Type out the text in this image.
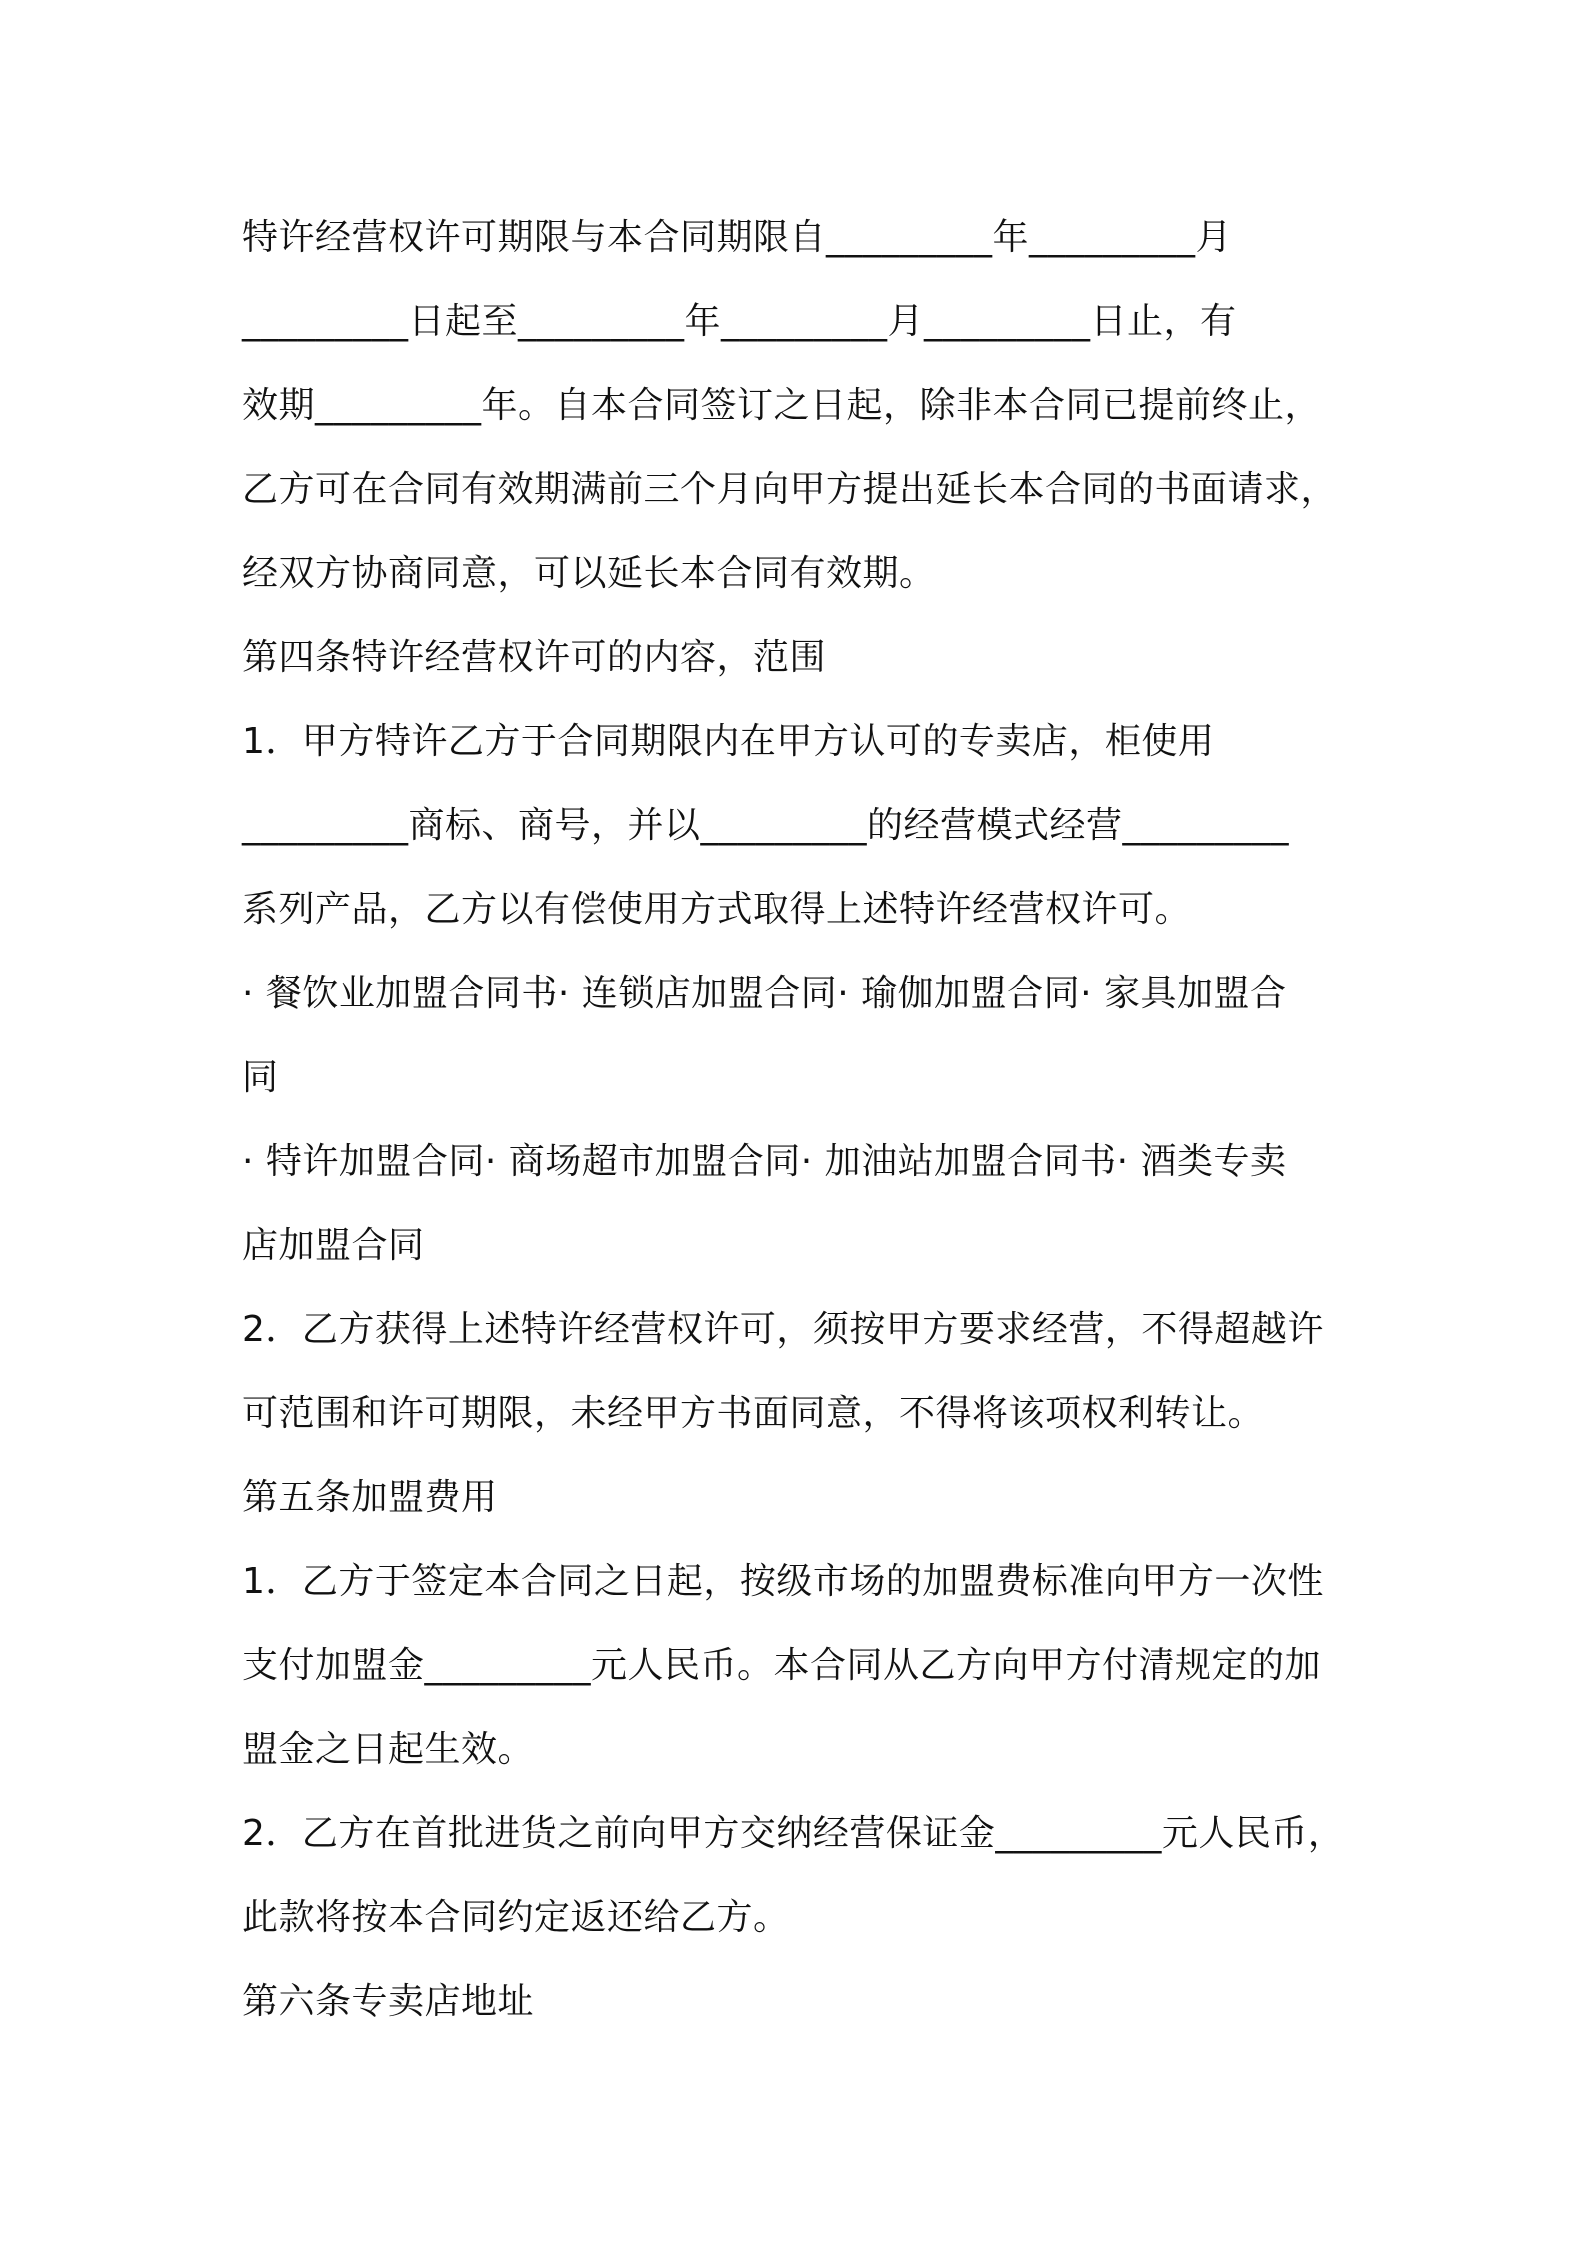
特许经营权许可期限与本合同期限自_________年_________月
_________日起至_________年_________月_________日止，有
效期_________年。自本合同签订之日起，除非本合同已提前终止，
乙方可在合同有效期满前三个月向甲方提出延长本合同的书面请求，
经双方协商同意，可以延长本合同有效期。
第四条特许经营权许可的内容，范围
1．甲方特许乙方于合同期限内在甲方认可的专卖店，柜使用
_________商标、商号，并以_________的经营模式经营_________
系列产品，乙方以有偿使用方式取得上述特许经营权许可。
· 餐饮业加盟合同书· 连锁店加盟合同· 瑜伽加盟合同· 家具加盟合
同
· 特许加盟合同· 商场超市加盟合同· 加油站加盟合同书· 酒类专卖
店加盟合同
2．乙方获得上述特许经营权许可，须按甲方要求经营，不得超越许
可范围和许可期限，未经甲方书面同意，不得将该项权利转让。
第五条加盟费用
1．乙方于签定本合同之日起，按级市场的加盟费标准向甲方一次性
支付加盟金_________元人民币。本合同从乙方向甲方付清规定的加
盟金之日起生效。
2．乙方在首批进货之前向甲方交纳经营保证金_________元人民币，
此款将按本合同约定返还给乙方。
第六条专卖店地址
